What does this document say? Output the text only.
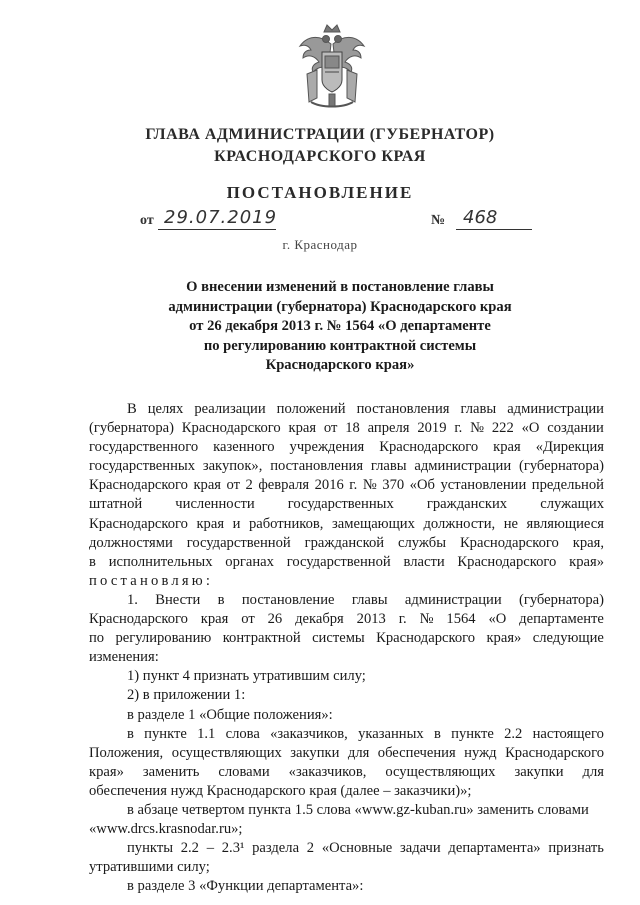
ГЛАВА АДМИНИСТРАЦИИ (ГУБЕРНАТОР)
КРАСНОДАРСКОГО КРАЯ
ПОСТАНОВЛЕНИЕ
от 29.07.2019	№ 468
г. Краснодар
О внесении изменений в постановление главы
администрации (губернатора) Краснодарского края
от 26 декабря 2013 г. № 1564 «О департаменте
по регулированию контрактной системы
Краснодарского края»
В целях реализации положений постановления главы администрации
(губернатора) Краснодарского края от 18 апреля 2019 г. № 222 «О создании
государственного казенного учреждения Краснодарского края «Дирекция
государственных закупок», постановления главы администрации (губернатора)
Краснодарского края от 2 февраля 2016 г. № 370 «Об установлении предельной
штатной численности государственных гражданских служащих
Краснодарского края и работников, замещающих должности, не являющиеся
должностями государственной гражданской службы Краснодарского края,
в исполнительных органах государственной власти Краснодарского края»
постановляю:
1. Внести в постановление главы администрации (губернатора)
Краснодарского края от 26 декабря 2013 г. № 1564 «О департаменте
по регулированию контрактной системы Краснодарского края» следующие
изменения:
1) пункт 4 признать утратившим силу;
2) в приложении 1:
в разделе 1 «Общие положения»:
в пункте 1.1 слова «заказчиков, указанных в пункте 2.2 настоящего
Положения, осуществляющих закупки для обеспечения нужд Краснодарского
края» заменить словами «заказчиков, осуществляющих закупки для
обеспечения нужд Краснодарского края (далее – заказчики)»;
в абзаце четвертом пункта 1.5 слова «www.gz-kuban.ru» заменить словами
«www.drcs.krasnodar.ru»;
пункты 2.2 – 2.3¹ раздела 2 «Основные задачи департамента» признать
утратившими силу;
в разделе 3 «Функции департамента»:
